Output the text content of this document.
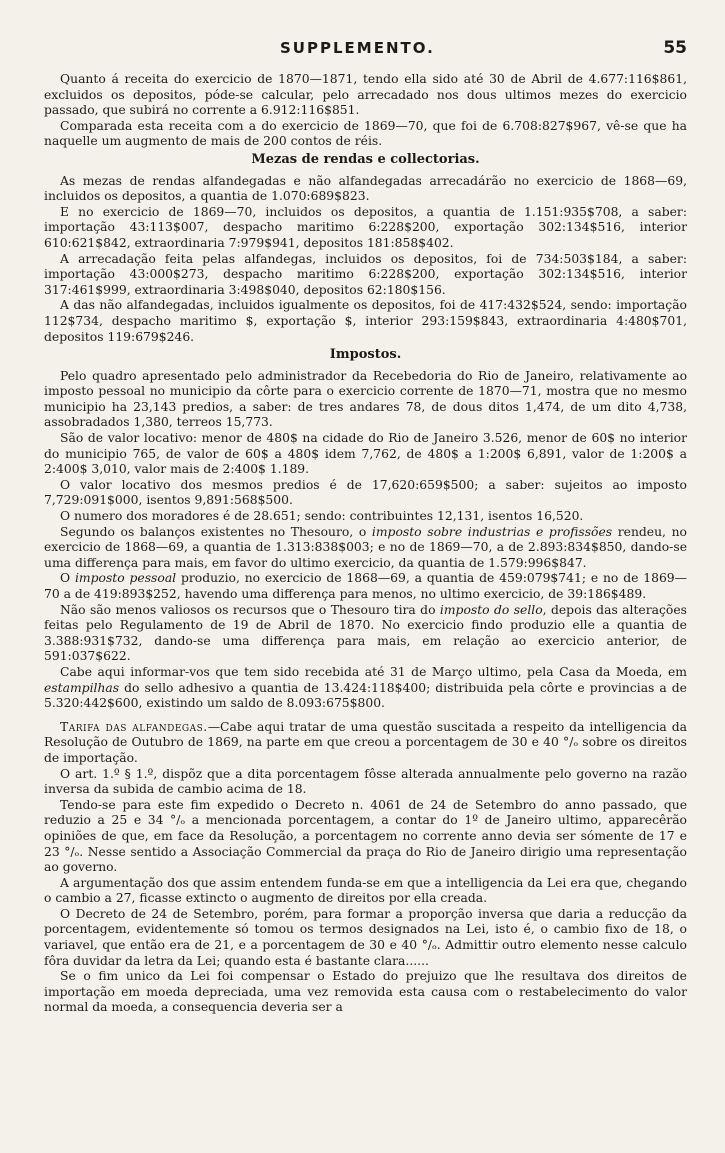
SUPPLEMENTO.	55

Quanto á receita do exercicio de 1870—1871, tendo ella sido até 30 de Abril de 4.677:116$861, excluidos os depositos, póde-se calcular, pelo arrecadado nos dous ultimos mezes do exercicio passado, que subirá no corrente a 6.912:116$851.

Comparada esta receita com a do exercicio de 1869—70, que foi de 6.708:827$967, vê-se que ha naquelle um augmento de mais de 200 contos de réis.

Mezas de rendas e collectorias.

As mezas de rendas alfandegadas e não alfandegadas arrecadárão no exercicio de 1868—69, incluidos os depositos, a quantia de 1.070:689$823.

E no exercicio de 1869—70, incluidos os depositos, a quantia de 1.151:935$708, a saber: importação 43:113$007, despacho maritimo 6:228$200, exportação 302:134$516, interior 610:621$842, extraordinaria 7:979$941, depositos 181:858$402.

A arrecadação feita pelas alfandegas, incluidos os depositos, foi de 734:503$184, a saber: importação 43:000$273, despacho maritimo 6:228$200, exportação 302:134$516, interior 317:461$999, extraordinaria 3:498$040, depositos 62:180$156.

A das não alfandegadas, incluidos igualmente os depositos, foi de 417:432$524, sendo: importação 112$734, despacho maritimo $, exportação $, interior 293:159$843, extraordinaria 4:480$701, depositos 119:679$246.

Impostos.

Pelo quadro apresentado pelo administrador da Recebedoria do Rio de Janeiro, relativamente ao imposto pessoal no municipio da côrte para o exercicio corrente de 1870—71, mostra que no mesmo municipio ha 23,143 predios, a saber: de tres andares 78, de dous ditos 1,474, de um dito 4,738, assobradados 1,380, terreos 15,773.

São de valor locativo: menor de 480$ na cidade do Rio de Janeiro 3.526, menor de 60$ no interior do municipio 765, de valor de 60$ a 480$ idem 7,762, de 480$ a 1:200$ 6,891, valor de 1:200$ a 2:400$ 3,010, valor mais de 2:400$ 1.189.

O valor locativo dos mesmos predios é de 17,620:659$500; a saber: sujeitos ao imposto 7,729:091$000, isentos 9,891:568$500.

O numero dos moradores é de 28.651; sendo: contribuintes 12,131, isentos 16,520.

Segundo os balanços existentes no Thesouro, o imposto sobre industrias e profissões rendeu, no exercicio de 1868—69, a quantia de 1.313:838$003; e no de 1869—70, a de 2.893:834$850, dando-se uma differença para mais, em favor do ultimo exercicio, da quantia de 1.579:996$847.

O imposto pessoal produzio, no exercicio de 1868—69, a quantia de 459:079$741; e no de 1869—70 a de 419:893$252, havendo uma differença para menos, no ultimo exercicio, de 39:186$489.

Não são menos valiosos os recursos que o Thesouro tira do imposto do sello, depois das alterações feitas pelo Regulamento de 19 de Abril de 1870. No exercicio findo produzio elle a quantia de 3.388:931$732, dando-se uma differença para mais, em relação ao exercicio anterior, de 591:037$622.

Cabe aqui informar-vos que tem sido recebida até 31 de Março ultimo, pela Casa da Moeda, em estampilhas do sello adhesivo a quantia de 13.424:118$400; distribuida pela côrte e provincias a de 5.320:442$600, existindo um saldo de 8.093:675$800.

Tarifa das alfandegas.—Cabe aqui tratar de uma questão suscitada a respeito da intelligencia da Resolução de Outubro de 1869, na parte em que creou a porcentagem de 30 e 40 °/ₒ sobre os direitos de importação.

O art. 1.º § 1.º, dispõz que a dita porcentagem fôsse alterada annualmente pelo governo na razão inversa da subida de cambio acima de 18.

Tendo-se para este fim expedido o Decreto n. 4061 de 24 de Setembro do anno passado, que reduzio a 25 e 34 °/ₒ a mencionada porcentagem, a contar do 1º de Janeiro ultimo, apparecêrão opiniões de que, em face da Resolução, a porcentagem no corrente anno devia ser sómente de 17 e 23 °/ₒ. Nesse sentido a Associação Commercial da praça do Rio de Janeiro dirigio uma representação ao governo.

A argumentação dos que assim entendem funda-se em que a intelligencia da Lei era que, chegando o cambio a 27, ficasse extincto o augmento de direitos por ella creada.

O Decreto de 24 de Setembro, porém, para formar a proporção inversa que daria a reducção da porcentagem, evidentemente só tomou os termos designados na Lei, isto é, o cambio fixo de 18, o variavel, que então era de 21, e a porcentagem de 30 e 40 °/ₒ. Admittir outro elemento nesse calculo fôra duvidar da letra da Lei; quando esta é bastante clara......

Se o fim unico da Lei foi compensar o Estado do prejuizo que lhe resultava dos direitos de importação em moeda depreciada, uma vez removida esta causa com o restabelecimento do valor normal da moeda, a consequencia deveria ser a
